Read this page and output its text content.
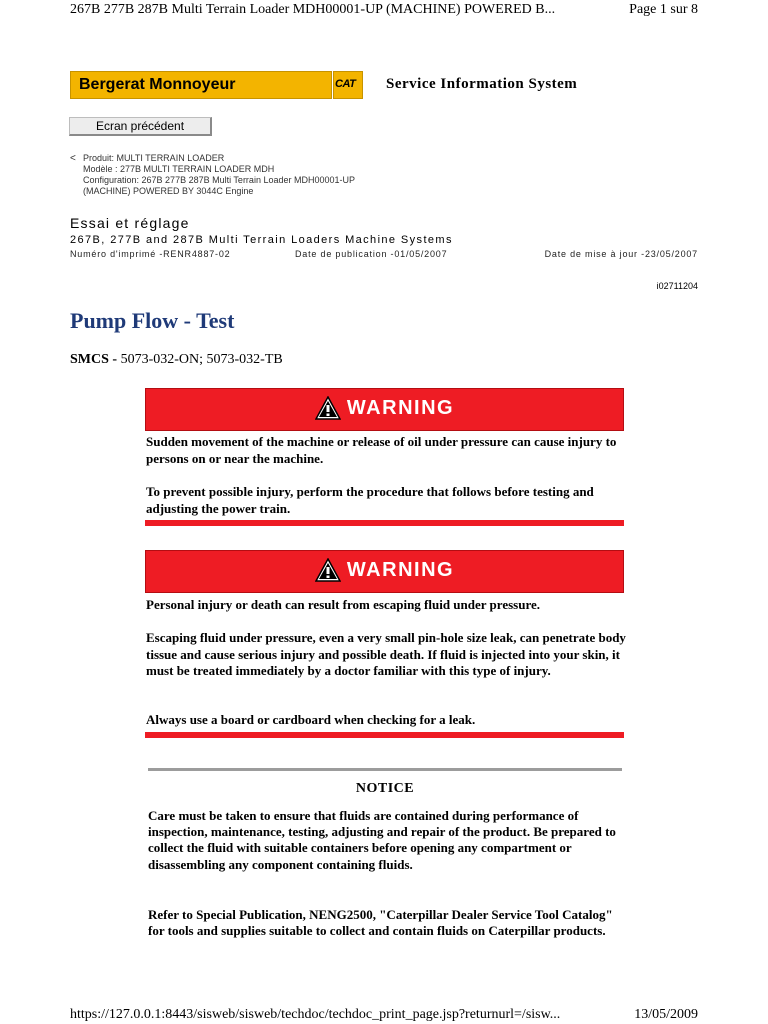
267B 277B 287B Multi Terrain Loader MDH00001-UP (MACHINE) POWERED B...	Page 1 sur 8
Bergerat Monnoyeur	CAT Service Information System
Ecran précédent
< Produit: MULTI TERRAIN LOADER
Modèle : 277B MULTI TERRAIN LOADER MDH
Configuration: 267B 277B 287B Multi Terrain Loader MDH00001-UP
(MACHINE) POWERED BY 3044C Engine
Essai et réglage
267B, 277B and 287B Multi Terrain Loaders Machine Systems
Numéro d'imprimé -RENR4887-02	Date de publication -01/05/2007	Date de mise à jour -23/05/2007
i02711204
Pump Flow - Test
SMCS - 5073-032-ON; 5073-032-TB
WARNING
Sudden movement of the machine or release of oil under pressure can cause injury to persons on or near the machine.
To prevent possible injury, perform the procedure that follows before testing and adjusting the power train.
WARNING
Personal injury or death can result from escaping fluid under pressure.
Escaping fluid under pressure, even a very small pin-hole size leak, can penetrate body tissue and cause serious injury and possible death. If fluid is injected into your skin, it must be treated immediately by a doctor familiar with this type of injury.
Always use a board or cardboard when checking for a leak.
NOTICE
Care must be taken to ensure that fluids are contained during performance of inspection, maintenance, testing, adjusting and repair of the product. Be prepared to collect the fluid with suitable containers before opening any compartment or disassembling any component containing fluids.
Refer to Special Publication, NENG2500, "Caterpillar Dealer Service Tool Catalog" for tools and supplies suitable to collect and contain fluids on Caterpillar products.
https://127.0.0.1:8443/sisweb/sisweb/techdoc/techdoc_print_page.jsp?returnurl=/sisw...	13/05/2009
